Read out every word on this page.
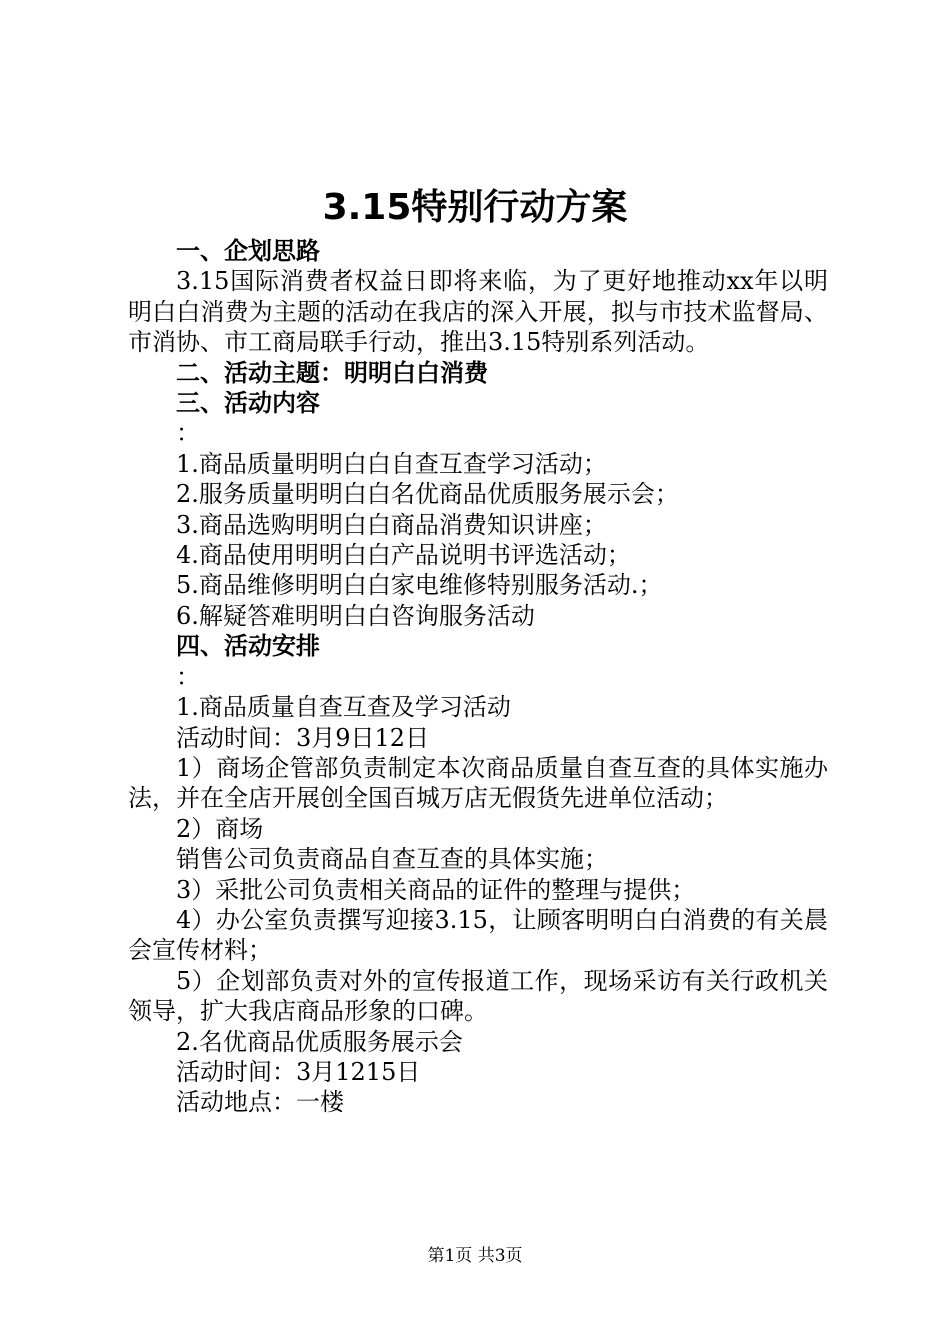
3.15特别行动方案

一、企划思路

3.15国际消费者权益日即将来临，为了更好地推动xx年以明明白白消费为主题的活动在我店的深入开展，拟与市技术监督局、市消协、市工商局联手行动，推出3.15特别系列活动。

二、活动主题：明明白白消费

三、活动内容

：

1.商品质量明明白白自查互查学习活动；

2.服务质量明明白白名优商品优质服务展示会；

3.商品选购明明白白商品消费知识讲座；

4.商品使用明明白白产品说明书评选活动；

5.商品维修明明白白家电维修特别服务活动.；

6.解疑答难明明白白咨询服务活动

四、活动安排

：

1.商品质量自查互查及学习活动

活动时间：3月9日12日

1）商场企管部负责制定本次商品质量自查互查的具体实施办法，并在全店开展创全国百城万店无假货先进单位活动；

2）商场

销售公司负责商品自查互查的具体实施；

3）采批公司负责相关商品的证件的整理与提供；

4）办公室负责撰写迎接3.15，让顾客明明白白消费的有关晨会宣传材料；

5）企划部负责对外的宣传报道工作，现场采访有关行政机关领导，扩大我店商品形象的口碑。

2.名优商品优质服务展示会

活动时间：3月1215日

活动地点：一楼

第1页 共3页
